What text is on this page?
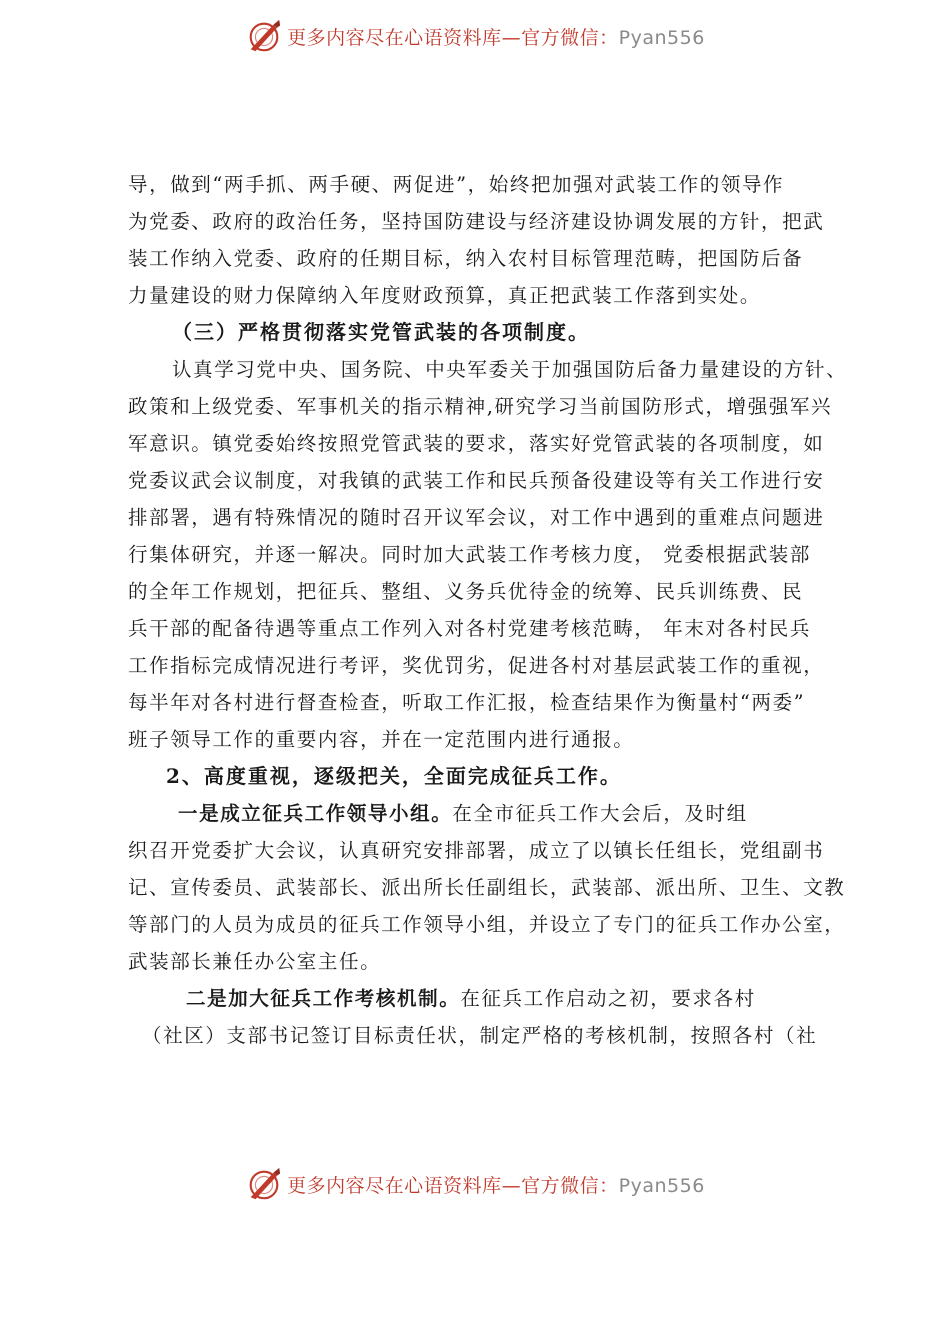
更多内容尽在心语资料库—官方微信：Pyan556
导，做到“两手抓、两手硬、两促进”，始终把加强对武装工作的领导作
为党委、政府的政治任务，坚持国防建设与经济建设协调发展的方针，把武
装工作纳入党委、政府的任期目标，纳入农村目标管理范畴，把国防后备
力量建设的财力保障纳入年度财政预算，真正把武装工作落到实处。
（三）严格贯彻落实党管武装的各项制度。
认真学习党中央、国务院、中央军委关于加强国防后备力量建设的方针、
政策和上级党委、军事机关的指示精神,研究学习当前国防形式，增强强军兴
军意识。镇党委始终按照党管武装的要求，落实好党管武装的各项制度，如
党委议武会议制度，对我镇的武装工作和民兵预备役建设等有关工作进行安
排部署，遇有特殊情况的随时召开议军会议，对工作中遇到的重难点问题进
行集体研究，并逐一解决。同时加大武装工作考核力度， 党委根据武装部
的全年工作规划，把征兵、整组、义务兵优待金的统筹、民兵训练费、民
兵干部的配备待遇等重点工作列入对各村党建考核范畴， 年末对各村民兵
工作指标完成情况进行考评，奖优罚劣，促进各村对基层武装工作的重视，
每半年对各村进行督查检查，听取工作汇报，检查结果作为衡量村“两委”
班子领导工作的重要内容，并在一定范围内进行通报。
2、高度重视，逐级把关，全面完成征兵工作。
一是成立征兵工作领导小组。在全市征兵工作大会后，及时组
织召开党委扩大会议，认真研究安排部署，成立了以镇长任组长，党组副书
记、宣传委员、武装部长、派出所长任副组长，武装部、派出所、卫生、文教
等部门的人员为成员的征兵工作领导小组，并设立了专门的征兵工作办公室，
武装部长兼任办公室主任。
二是加大征兵工作考核机制。在征兵工作启动之初，要求各村
（社区）支部书记签订目标责任状，制定严格的考核机制，按照各村（社
更多内容尽在心语资料库—官方微信：Pyan556
